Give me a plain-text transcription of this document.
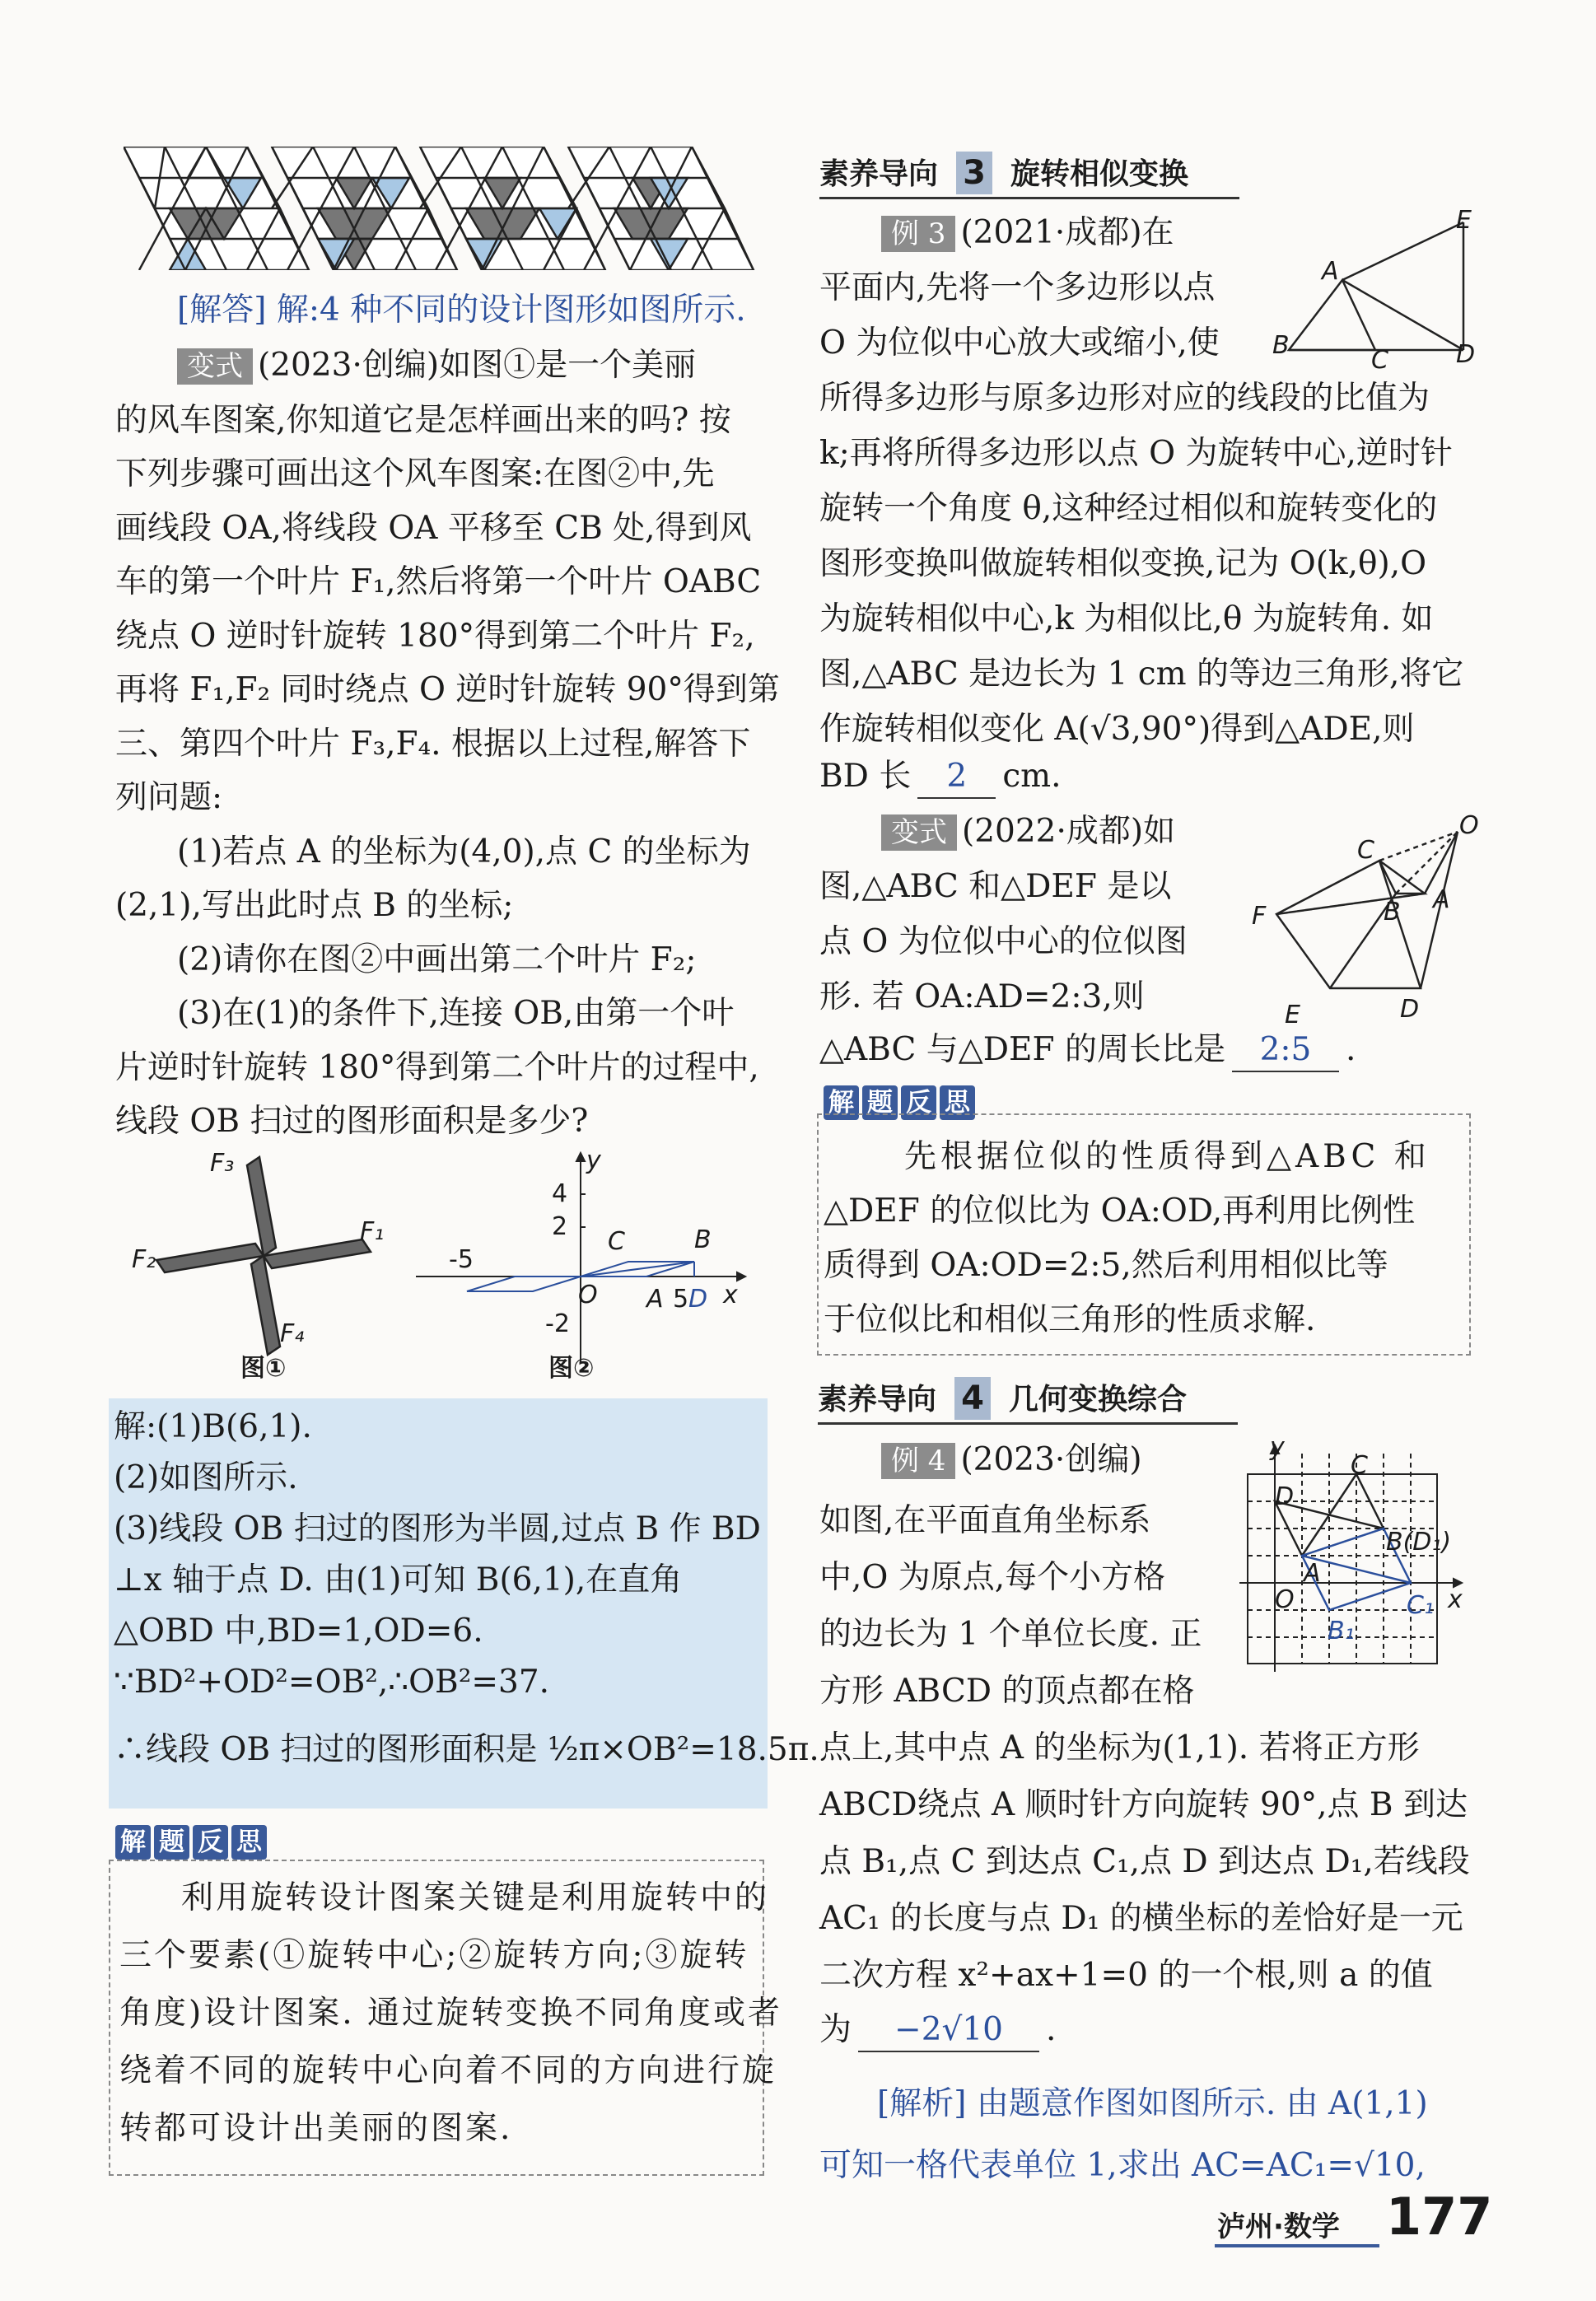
[解答] 解:4 种不同的设计图形如图所示.
变式 (2023·创编)如图①是一个美丽
的风车图案,你知道它是怎样画出来的吗? 按
下列步骤可画出这个风车图案:在图②中,先
画线段 OA,将线段 OA 平移至 CB 处,得到风
车的第一个叶片 F₁,然后将第一个叶片 OABC
绕点 O 逆时针旋转 180°得到第二个叶片 F₂,
再将 F₁,F₂ 同时绕点 O 逆时针旋转 90°得到第
三、第四个叶片 F₃,F₄. 根据以上过程,解答下
列问题:
(1)若点 A 的坐标为(4,0),点 C 的坐标为
(2,1),写出此时点 B 的坐标;
(2)请你在图②中画出第二个叶片 F₂;
(3)在(1)的条件下,连接 OB,由第一个叶
片逆时针旋转 180°得到第二个叶片的过程中,
线段 OB 扫过的图形面积是多少?
F₃
F₁
F₂
F₄
图①
y
4
2
-5
C	B
O A 5 D x
-2
图②
解:(1)B(6,1).
(2)如图所示.
(3)线段 OB 扫过的图形为半圆,过点 B 作 BD
⊥x 轴于点 D. 由(1)可知 B(6,1),在直角
△OBD 中,BD=1,OD=6.
∵BD²+OD²=OB²,∴OB²=37.
∴线段 OB 扫过的图形面积是 ½π×OB²=18.5π.
解 题 反 思
利用旋转设计图案关键是利用旋转中的
三个要素(①旋转中心;②旋转方向;③旋转
角度)设计图案. 通过旋转变换不同角度或者
绕着不同的旋转中心向着不同的方向进行旋
转都可设计出美丽的图案.
素养导向 3 旋转相似变换
例 3 (2021·成都)在
平面内,先将一个多边形以点
O 为位似中心放大或缩小,使
所得多边形与原多边形对应的线段的比值为
k;再将所得多边形以点 O 为旋转中心,逆时针
旋转一个角度 θ,这种经过相似和旋转变化的
图形变换叫做旋转相似变换,记为 O(k,θ),O
为旋转相似中心,k 为相似比,θ 为旋转角. 如
图,△ABC 是边长为 1 cm 的等边三角形,将它
作旋转相似变化 A(√3,90°)得到△ADE,则
BD 长 2 cm.
E
A
B
C	D
变式 (2022·成都)如
图,△ABC 和△DEF 是以
点 O 为位似中心的位似图
形. 若 OA:AD=2:3,则
△ABC 与△DEF 的周长比是 2:5 .
O
C
B A
F
E	D
解 题 反 思
先根据位似的性质得到△ABC 和
△DEF 的位似比为 OA:OD,再利用比例性
质得到 OA:OD=2:5,然后利用相似比等
于位似比和相似三角形的性质求解.
素养导向 4 几何变换综合
例 4 (2023·创编)
如图,在平面直角坐标系
中,O 为原点,每个小方格
的边长为 1 个单位长度. 正
方形 ABCD 的顶点都在格
点上,其中点 A 的坐标为(1,1). 若将正方形
ABCD绕点 A 顺时针方向旋转 90°,点 B 到达
点 B₁,点 C 到达点 C₁,点 D 到达点 D₁,若线段
AC₁ 的长度与点 D₁ 的横坐标的差恰好是一元
二次方程 x²+ax+1=0 的一个根,则 a 的值
为 −2√10 .
y
C
D
B(D₁)
A
O	C₁ x
B₁
[解析] 由题意作图如图所示. 由 A(1,1)
可知一格代表单位 1,求出 AC=AC₁=√10,
泸州·数学 177
